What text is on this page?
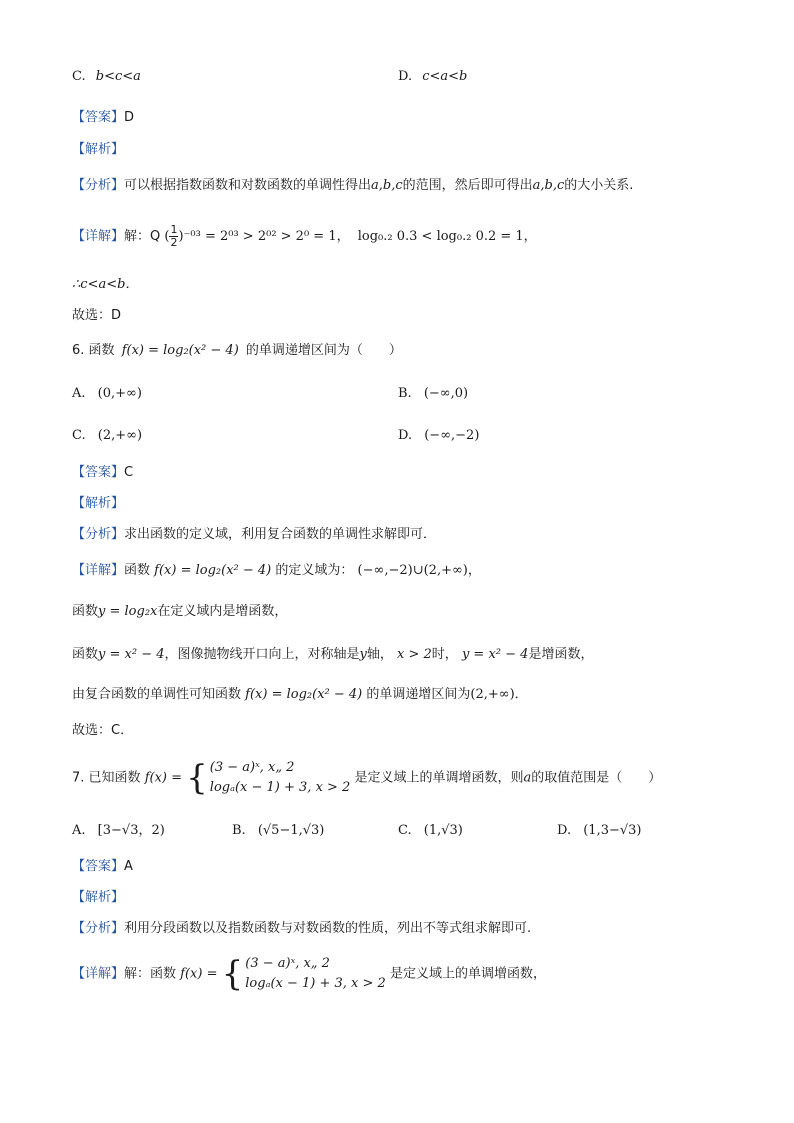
C. b<c<a	D. c<a<b
【答案】D
【解析】
【分析】可以根据指数函数和对数函数的单调性得出a,b,c的范围，然后即可得出a,b,c的大小关系.
【详解】解：Q ( $\frac{1}{2} )^{-03} = 2^{03} > 2^{02} > 2^0 = 1$， log₀.₂ 0.3 < log₀.₂ 0.2 = 1，
∴c<a<b．
故选：D
6. 函数 f(x) = log₂(x² − 4) 的单调递增区间为（　　）
A. (0,+∞)	B. (−∞,0)
C. (2,+∞)	D. (−∞,−2)
【答案】C
【解析】
【分析】求出函数的定义域，利用复合函数的单调性求解即可．
【详解】函数 f(x) = log₂(x² − 4) 的定义域为： (−∞,−2)∪(2,+∞)，
函数y = log₂x在定义域内是增函数，
函数y = x² − 4，图像抛物线开口向上，对称轴是y轴， x > 2时， y = x² − 4是增函数，
由复合函数的单调性可知函数 f(x) = log₂(x² − 4) 的单调递增区间为(2,+∞)．
故选：C．
7. 已知函数 f(x) = { (3 − a)ˣ, x„ 2
logₐ(x − 1) + 3, x > 2
是定义域上的单调增函数，则a的取值范围是（　　）
A. [3−√3，2)	B. (√5−1,√3)	C. (1,√3)	D. (1,3−√3)
【答案】A
【解析】
【分析】利用分段函数以及指数函数与对数函数的性质，列出不等式组求解即可.
【详解】解：函数 f(x) = { (3 − a)ˣ, x„ 2
logₐ(x − 1) + 3, x > 2
是定义域上的单调增函数，
